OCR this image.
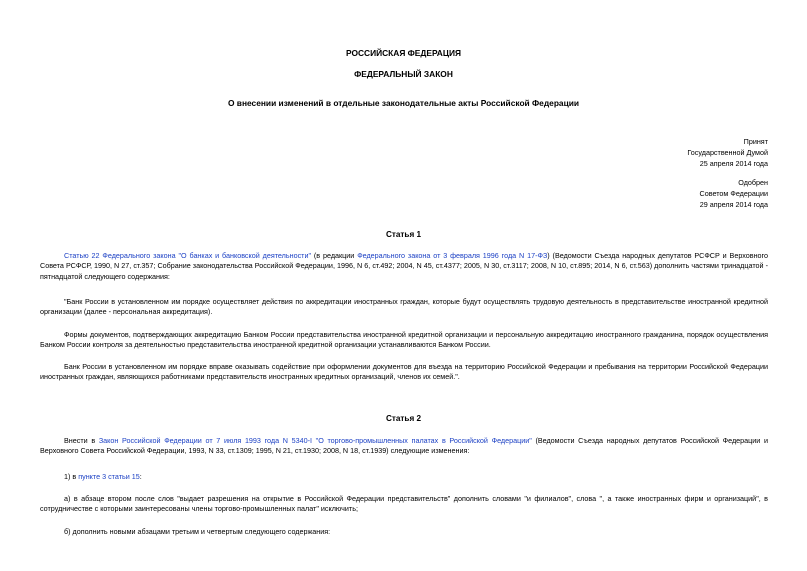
РОССИЙСКАЯ ФЕДЕРАЦИЯ
ФЕДЕРАЛЬНЫЙ ЗАКОН
О внесении изменений в отдельные законодательные акты Российской Федерации
Принят
Государственной Думой
25 апреля 2014 года
Одобрен
Советом Федерации
29 апреля 2014 года
Статья 1
Статью 22 Федерального закона "О банках и банковской деятельности" (в редакции Федерального закона от 3 февраля 1996 года N 17-ФЗ) (Ведомости Съезда народных депутатов РСФСР и Верховного Совета РСФСР, 1990, N 27, ст.357; Собрание законодательства Российской Федерации, 1996, N 6, ст.492; 2004, N 45, ст.4377; 2005, N 30, ст.3117; 2008, N 10, ст.895; 2014, N 6, ст.563) дополнить частями тринадцатой - пятнадцатой следующего содержания:
"Банк России в установленном им порядке осуществляет действия по аккредитации иностранных граждан, которые будут осуществлять трудовую деятельность в представительстве иностранной кредитной организации (далее - персональная аккредитация).
Формы документов, подтверждающих аккредитацию Банком России представительства иностранной кредитной организации и персональную аккредитацию иностранного гражданина, порядок осуществления Банком России контроля за деятельностью представительства иностранной кредитной организации устанавливаются Банком России.
Банк России в установленном им порядке вправе оказывать содействие при оформлении документов для въезда на территорию Российской Федерации и пребывания на территории Российской Федерации иностранных граждан, являющихся работниками представительств иностранных кредитных организаций, членов их семей.".
Статья 2
Внести в Закон Российской Федерации от 7 июля 1993 года N 5340-I "О торгово-промышленных палатах в Российской Федерации" (Ведомости Съезда народных депутатов Российской Федерации и Верховного Совета Российской Федерации, 1993, N 33, ст.1309; 1995, N 21, ст.1930; 2008, N 18, ст.1939) следующие изменения:
1) в пункте 3 статьи 15:
а) в абзаце втором после слов "выдает разрешения на открытие в Российской Федерации представительств" дополнить словами "и филиалов", слова ", а также иностранных фирм и организаций", в сотрудничестве с которыми заинтересованы члены торгово-промышленных палат" исключить;
б) дополнить новыми абзацами третьим и четвертым следующего содержания:
